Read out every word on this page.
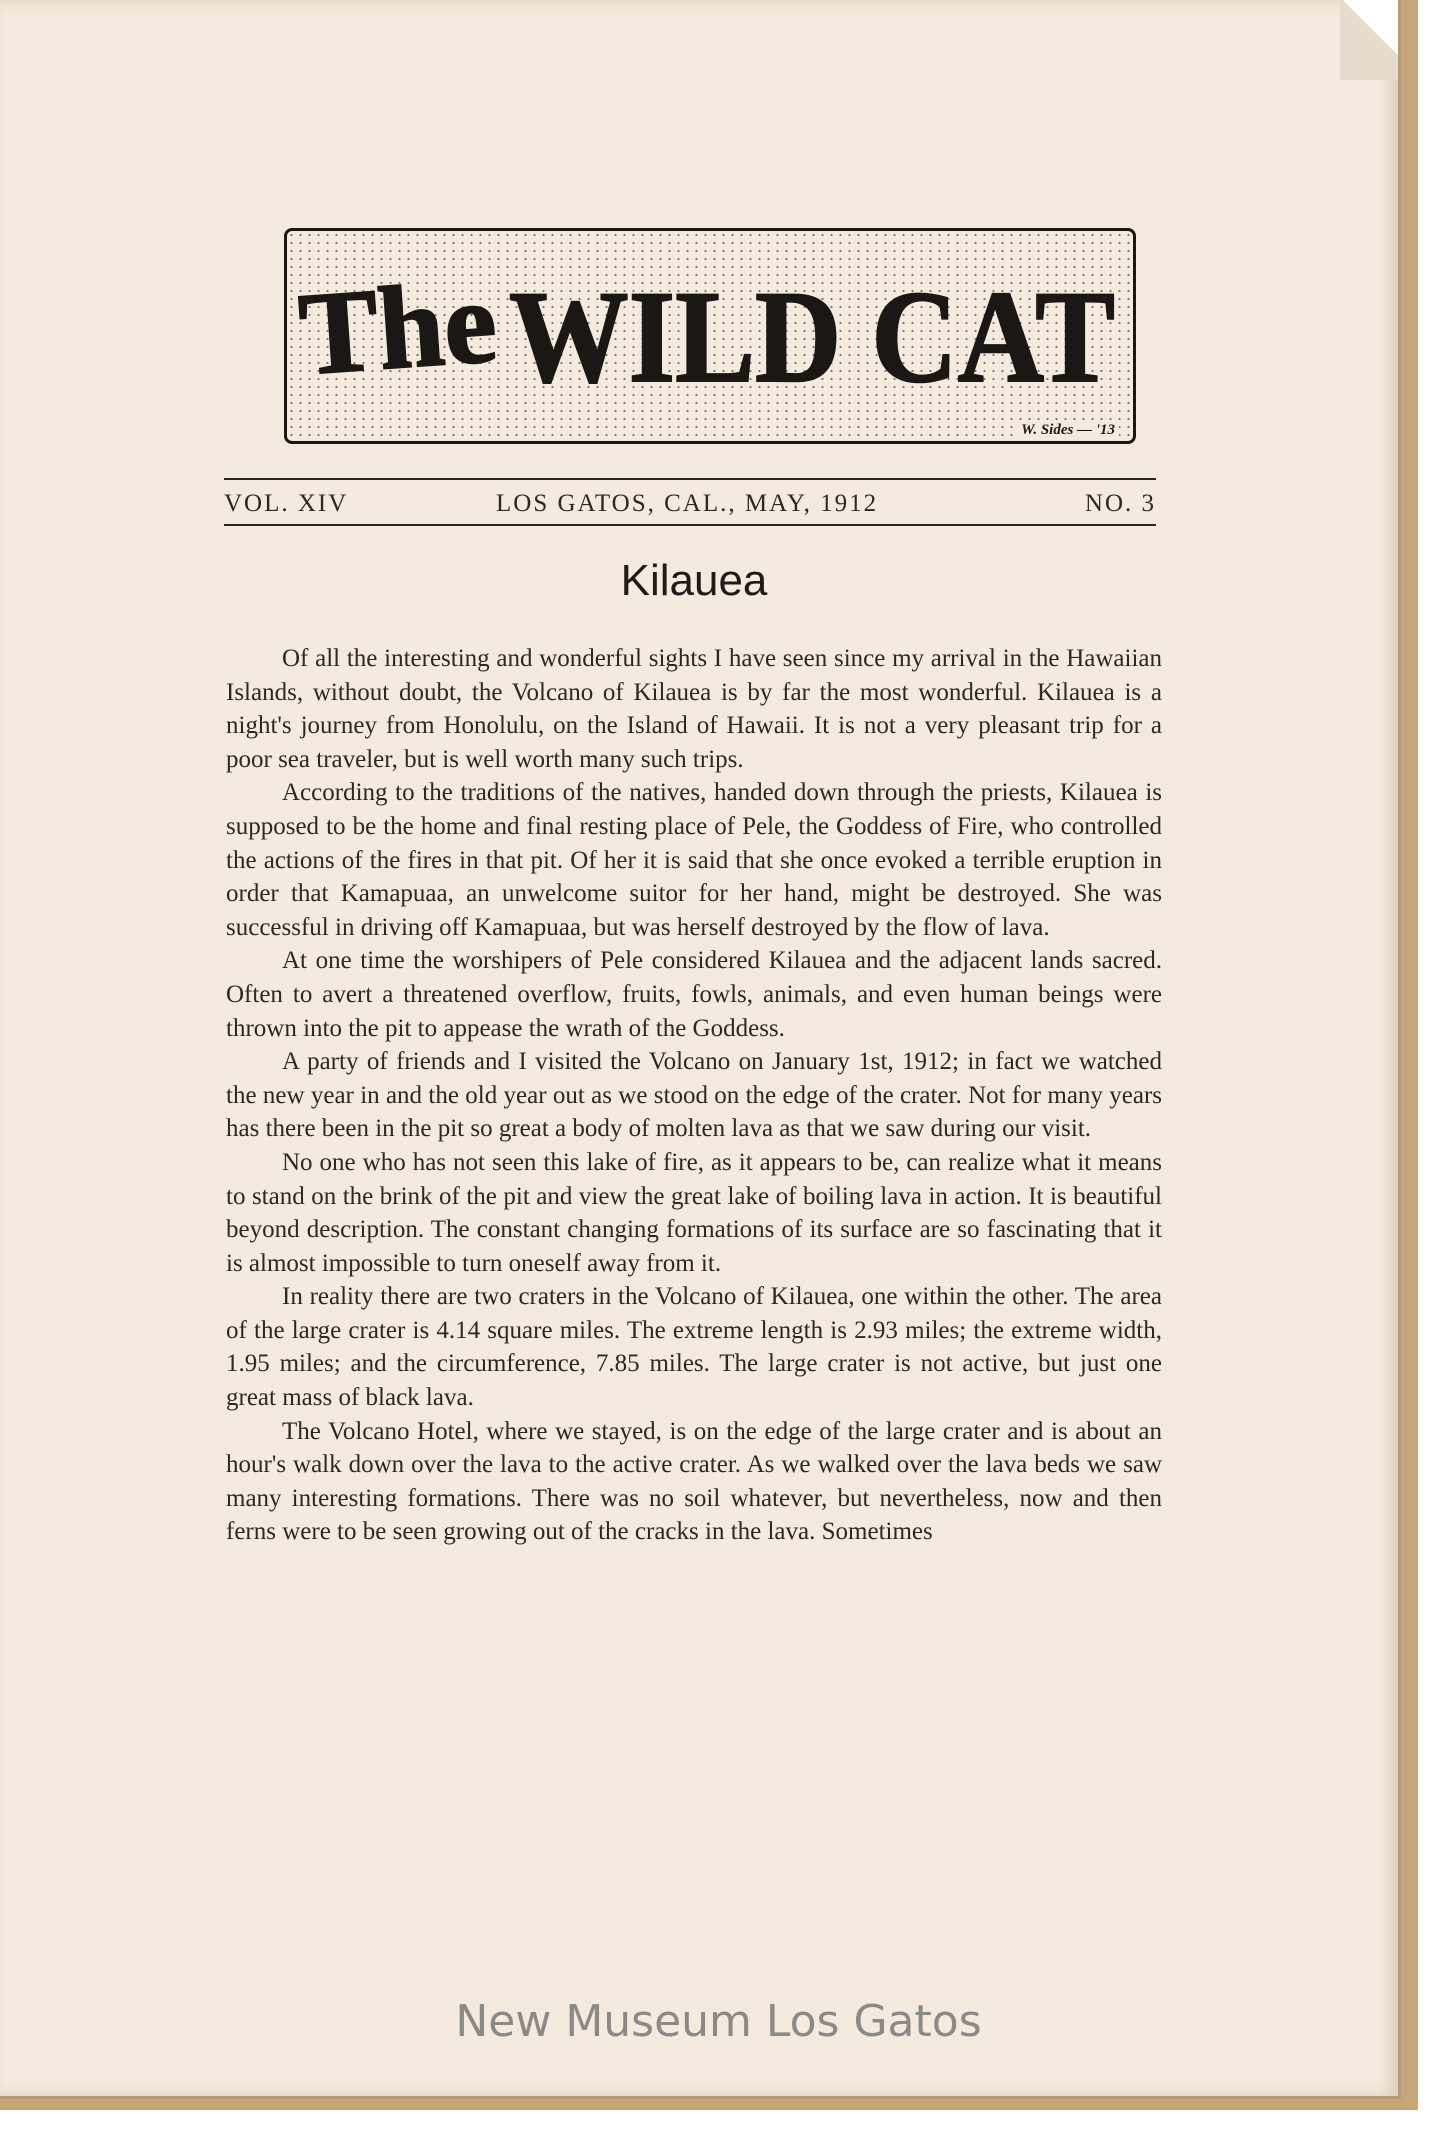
The WILD CAT
W. Sides — '13
VOL. XIV	LOS GATOS, CAL., MAY, 1912	NO. 3
Kilauea

Of all the interesting and wonderful sights I have seen since my arrival in the Hawaiian Islands, without doubt, the Volcano of Kilauea is by far the most wonderful. Kilauea is a night's journey from Honolulu, on the Island of Hawaii. It is not a very pleasant trip for a poor sea traveler, but is well worth many such trips.

According to the traditions of the natives, handed down through the priests, Kilauea is supposed to be the home and final resting place of Pele, the Goddess of Fire, who controlled the actions of the fires in that pit. Of her it is said that she once evoked a terrible eruption in order that Kamapuaa, an unwelcome suitor for her hand, might be destroyed. She was successful in driving off Kamapuaa, but was herself destroyed by the flow of lava.

At one time the worshipers of Pele considered Kilauea and the adjacent lands sacred. Often to avert a threatened overflow, fruits, fowls, animals, and even human beings were thrown into the pit to appease the wrath of the Goddess.

A party of friends and I visited the Volcano on January 1st, 1912; in fact we watched the new year in and the old year out as we stood on the edge of the crater. Not for many years has there been in the pit so great a body of molten lava as that we saw during our visit.

No one who has not seen this lake of fire, as it appears to be, can realize what it means to stand on the brink of the pit and view the great lake of boiling lava in action. It is beautiful beyond description. The constant changing formations of its surface are so fascinating that it is almost impossible to turn oneself away from it.

In reality there are two craters in the Volcano of Kilauea, one within the other. The area of the large crater is 4.14 square miles. The extreme length is 2.93 miles; the extreme width, 1.95 miles; and the circumference, 7.85 miles. The large crater is not active, but just one great mass of black lava.

The Volcano Hotel, where we stayed, is on the edge of the large crater and is about an hour's walk down over the lava to the active crater. As we walked over the lava beds we saw many interesting formations. There was no soil whatever, but nevertheless, now and then ferns were to be seen growing out of the cracks in the lava. Sometimes

New Museum Los Gatos
